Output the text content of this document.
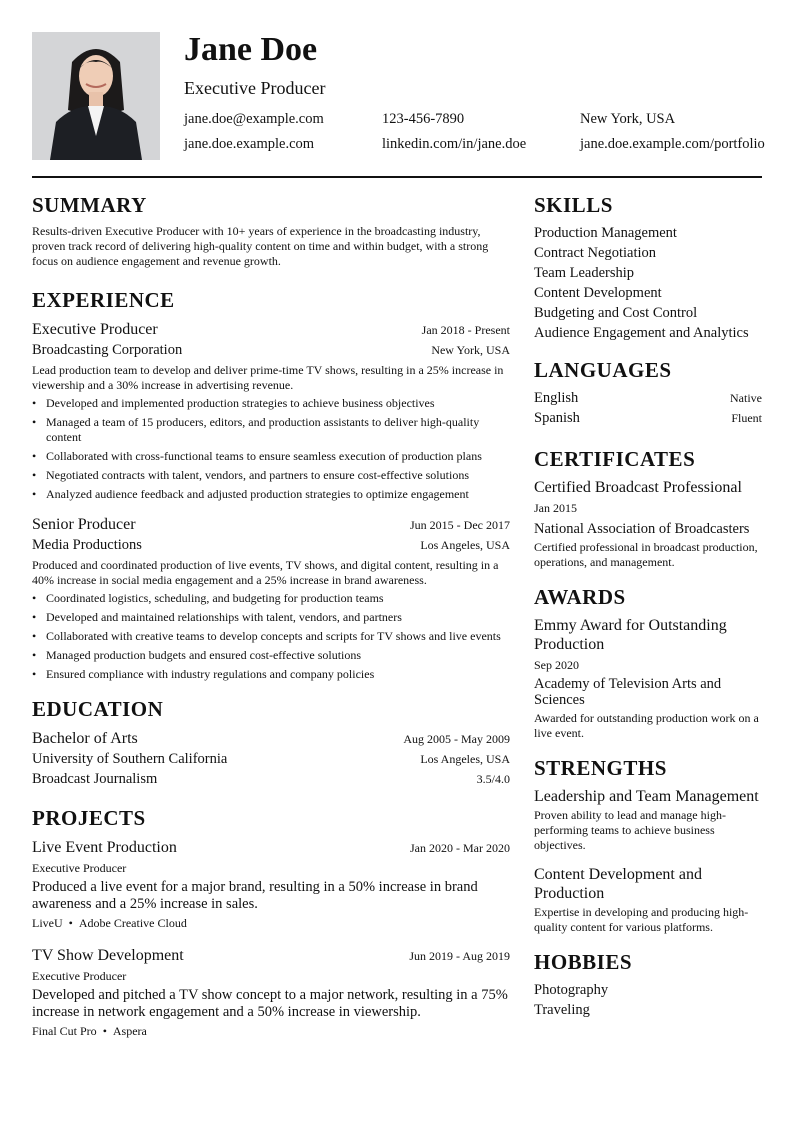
Jane Doe
Executive Producer
jane.doe@example.com	123-456-7890	New York, USA
jane.doe.example.com	linkedin.com/in/jane.doe	jane.doe.example.com/portfolio
SUMMARY
Results-driven Executive Producer with 10+ years of experience in the broadcasting industry, proven track record of delivering high-quality content on time and within budget, with a strong focus on audience engagement and revenue growth.
EXPERIENCE
Executive Producer	Jan 2018 - Present
Broadcasting Corporation	New York, USA
Lead production team to develop and deliver prime-time TV shows, resulting in a 25% increase in viewership and a 30% increase in advertising revenue.
• Developed and implemented production strategies to achieve business objectives
• Managed a team of 15 producers, editors, and production assistants to deliver high-quality content
• Collaborated with cross-functional teams to ensure seamless execution of production plans
• Negotiated contracts with talent, vendors, and partners to ensure cost-effective solutions
• Analyzed audience feedback and adjusted production strategies to optimize engagement
Senior Producer	Jun 2015 - Dec 2017
Media Productions	Los Angeles, USA
Produced and coordinated production of live events, TV shows, and digital content, resulting in a 40% increase in social media engagement and a 25% increase in brand awareness.
• Coordinated logistics, scheduling, and budgeting for production teams
• Developed and maintained relationships with talent, vendors, and partners
• Collaborated with creative teams to develop concepts and scripts for TV shows and live events
• Managed production budgets and ensured cost-effective solutions
• Ensured compliance with industry regulations and company policies
EDUCATION
Bachelor of Arts	Aug 2005 - May 2009
University of Southern California	Los Angeles, USA
Broadcast Journalism	3.5/4.0
PROJECTS
Live Event Production	Jan 2020 - Mar 2020
Executive Producer
Produced a live event for a major brand, resulting in a 50% increase in brand awareness and a 25% increase in sales.
LiveU • Adobe Creative Cloud
TV Show Development	Jun 2019 - Aug 2019
Executive Producer
Developed and pitched a TV show concept to a major network, resulting in a 75% increase in network engagement and a 50% increase in viewership.
Final Cut Pro • Aspera
SKILLS
Production Management
Contract Negotiation
Team Leadership
Content Development
Budgeting and Cost Control
Audience Engagement and Analytics
LANGUAGES
English	Native
Spanish	Fluent
CERTIFICATES
Certified Broadcast Professional
Jan 2015
National Association of Broadcasters
Certified professional in broadcast production, operations, and management.
AWARDS
Emmy Award for Outstanding Production
Sep 2020
Academy of Television Arts and Sciences
Awarded for outstanding production work on a live event.
STRENGTHS
Leadership and Team Management
Proven ability to lead and manage high-performing teams to achieve business objectives.
Content Development and Production
Expertise in developing and producing high-quality content for various platforms.
HOBBIES
Photography
Traveling
